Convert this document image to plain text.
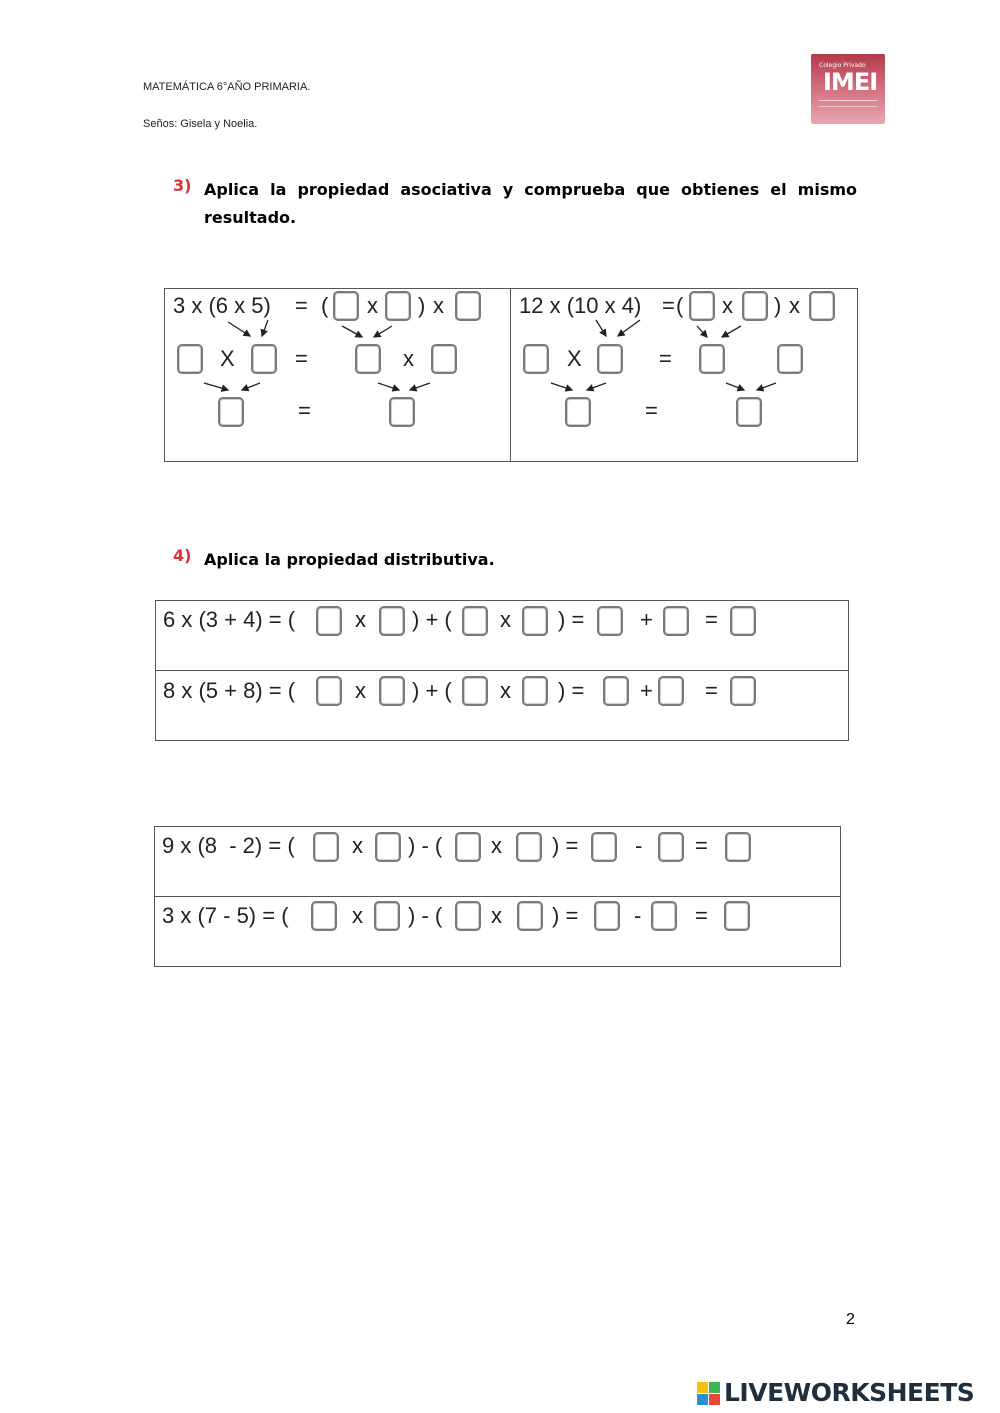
MATEMÁTICA 6°AÑO PRIMARIA.
Seños: Gisela y Noelia.
Colegio Privado
IMEI
3) Aplica la propiedad asociativa y comprueba que obtienes el mismo resultado.
3 x (6 x 5) = ( x ) x
X	=	x
=
12 x (10 x 4) = ( x ) x
X	=
=
4) Aplica la propiedad distributiva.
6 x (3 + 4) = (	x ) + ( x ) =	+ =
8 x (5 + 8) = (	x ) + ( x ) =	+ =
9 x (8  - 2) = (	x ) - ( x ) =	- =
3 x (7 - 5) = (	x ) - ( x ) =	- =
2
LIVEWORKSHEETS
